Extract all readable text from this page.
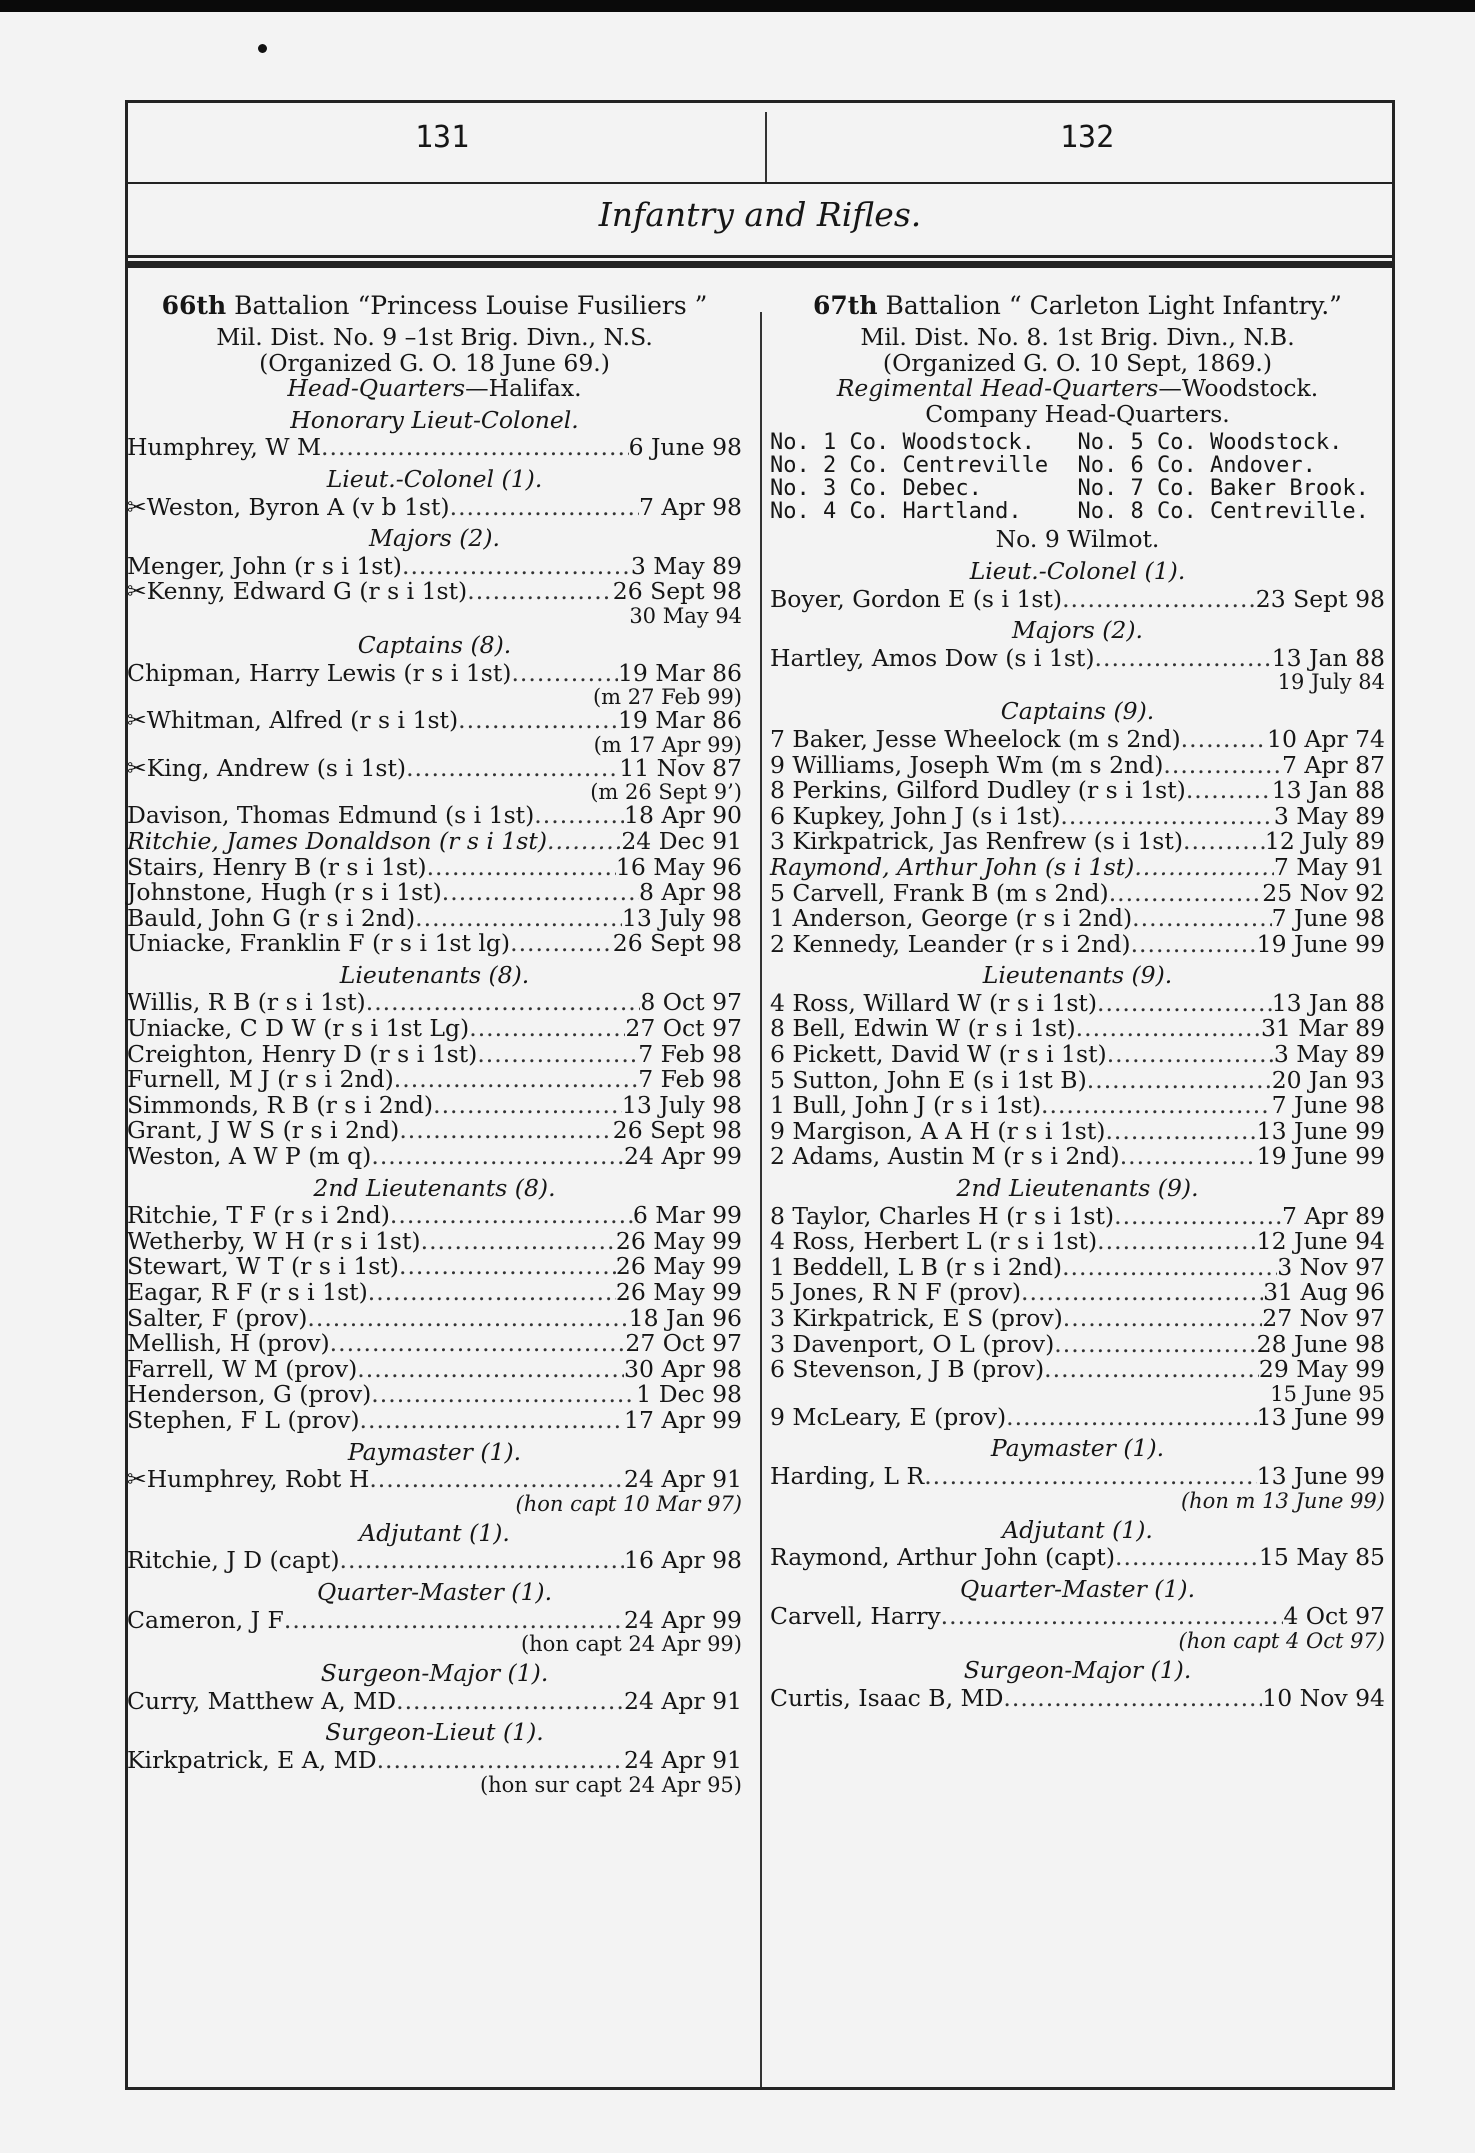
131	132
Infantry and Rifles.
66th Battalion “Princess Louise Fusiliers ”
Mil. Dist. No. 9 –1st Brig. Divn., N.S.
(Organized G. O. 18 June 69.)
Head-Quarters—Halifax.
Honorary Lieut-Colonel.
Humphrey, W M .....	6 June 98
Lieut.-Colonel (1).
✂Weston, Byron A (v b 1st) .....	7 Apr 98
Majors (2).
Menger, John (r s i 1st) .....	3 May 89
✂Kenny, Edward G (r s i 1st) .....	26 Sept 98
30 May 94
Captains (8).
Chipman, Harry Lewis (r s i 1st) .....	19 Mar 86
(m 27 Feb 99)
✂Whitman, Alfred (r s i 1st) .....	19 Mar 86
(m 17 Apr 99)
✂King, Andrew (s i 1st) .....	11 Nov 87
(m 26 Sept 9’)
Davison, Thomas Edmund (s i 1st) .....	18 Apr 90
Ritchie, James Donaldson (r s i 1st) .....	24 Dec 91
Stairs, Henry B (r s i 1st) .....	16 May 96
Johnstone, Hugh (r s i 1st) .....	8 Apr 98
Bauld, John G (r s i 2nd) .....	13 July 98
Uniacke, Franklin F (r s i 1st lg) .....	26 Sept 98
Lieutenants (8).
Willis, R B (r s i 1st) .....	8 Oct 97
Uniacke, C D W (r s i 1st Lg) .....	27 Oct 97
Creighton, Henry D (r s i 1st) .....	7 Feb 98
Furnell, M J (r s i 2nd) .....	7 Feb 98
Simmonds, R B (r s i 2nd) .....	13 July 98
Grant, J W S (r s i 2nd) .....	26 Sept 98
Weston, A W P (m q) .....	24 Apr 99
2nd Lieutenants (8).
Ritchie, T F (r s i 2nd) .....	6 Mar 99
Wetherby, W H (r s i 1st) .....	26 May 99
Stewart, W T (r s i 1st) .....	26 May 99
Eagar, R F (r s i 1st) .....	26 May 99
Salter, F (prov) .....	18 Jan 96
Mellish, H (prov) .....	27 Oct 97
Farrell, W M (prov) .....	30 Apr 98
Henderson, G (prov) .....	1 Dec 98
Stephen, F L (prov) .....	17 Apr 99
Paymaster (1).
✂Humphrey, Robt H .....	24 Apr 91
(hon capt 10 Mar 97)
Adjutant (1).
Ritchie, J D (capt) .....	16 Apr 98
Quarter-Master (1).
Cameron, J F .....	24 Apr 99
(hon capt 24 Apr 99)
Surgeon-Major (1).
Curry, Matthew A, MD .....	24 Apr 91
Surgeon-Lieut (1).
Kirkpatrick, E A, MD .....	24 Apr 91
(hon sur capt 24 Apr 95)
67th Battalion “ Carleton Light Infantry.”
Mil. Dist. No. 8. 1st Brig. Divn., N.B.
(Organized G. O. 10 Sept, 1869.)
Regimental Head-Quarters—Woodstock.
Company Head-Quarters.
No. 1 Co. Woodstock.	No. 5 Co. Woodstock.
No. 2 Co. Centreville	No. 6 Co. Andover.
No. 3 Co. Debec.	No. 7 Co. Baker Brook.
No. 4 Co. Hartland.	No. 8 Co. Centreville.
No. 9 Wilmot.
Lieut.-Colonel (1).
Boyer, Gordon E (s i 1st) .....	23 Sept 98
Majors (2).
Hartley, Amos Dow (s i 1st) .....	13 Jan 88
19 July 84
Captains (9).
7 Baker, Jesse Wheelock (m s 2nd) .....	10 Apr 74
9 Williams, Joseph Wm (m s 2nd) .....	7 Apr 87
8 Perkins, Gilford Dudley (r s i 1st) .....	13 Jan 88
6 Kupkey, John J (s i 1st) .....	3 May 89
3 Kirkpatrick, Jas Renfrew (s i 1st) .....	12 July 89
Raymond, Arthur John (s i 1st) .....	7 May 91
5 Carvell, Frank B (m s 2nd) .....	25 Nov 92
1 Anderson, George (r s i 2nd) .....	7 June 98
2 Kennedy, Leander (r s i 2nd) .....	19 June 99
Lieutenants (9).
4 Ross, Willard W (r s i 1st) .....	13 Jan 88
8 Bell, Edwin W (r s i 1st) .....	31 Mar 89
6 Pickett, David W (r s i 1st) .....	3 May 89
5 Sutton, John E (s i 1st B) .....	20 Jan 93
1 Bull, John J (r s i 1st) .....	7 June 98
9 Margison, A A H (r s i 1st) .....	13 June 99
2 Adams, Austin M (r s i 2nd) .....	19 June 99
2nd Lieutenants (9).
8 Taylor, Charles H (r s i 1st) .....	7 Apr 89
4 Ross, Herbert L (r s i 1st) .....	12 June 94
1 Beddell, L B (r s i 2nd) .....	3 Nov 97
5 Jones, R N F (prov) .....	31 Aug 96
3 Kirkpatrick, E S (prov) .....	27 Nov 97
3 Davenport, O L (prov) .....	28 June 98
6 Stevenson, J B (prov) .....	29 May 99
15 June 95
9 McLeary, E (prov) .....	13 June 99
Paymaster (1).
Harding, L R .....	13 June 99
(hon m 13 June 99)
Adjutant (1).
Raymond, Arthur John (capt) .....	15 May 85
Quarter-Master (1).
Carvell, Harry .....	4 Oct 97
(hon capt 4 Oct 97)
Surgeon-Major (1).
Curtis, Isaac B, MD .....	10 Nov 94
